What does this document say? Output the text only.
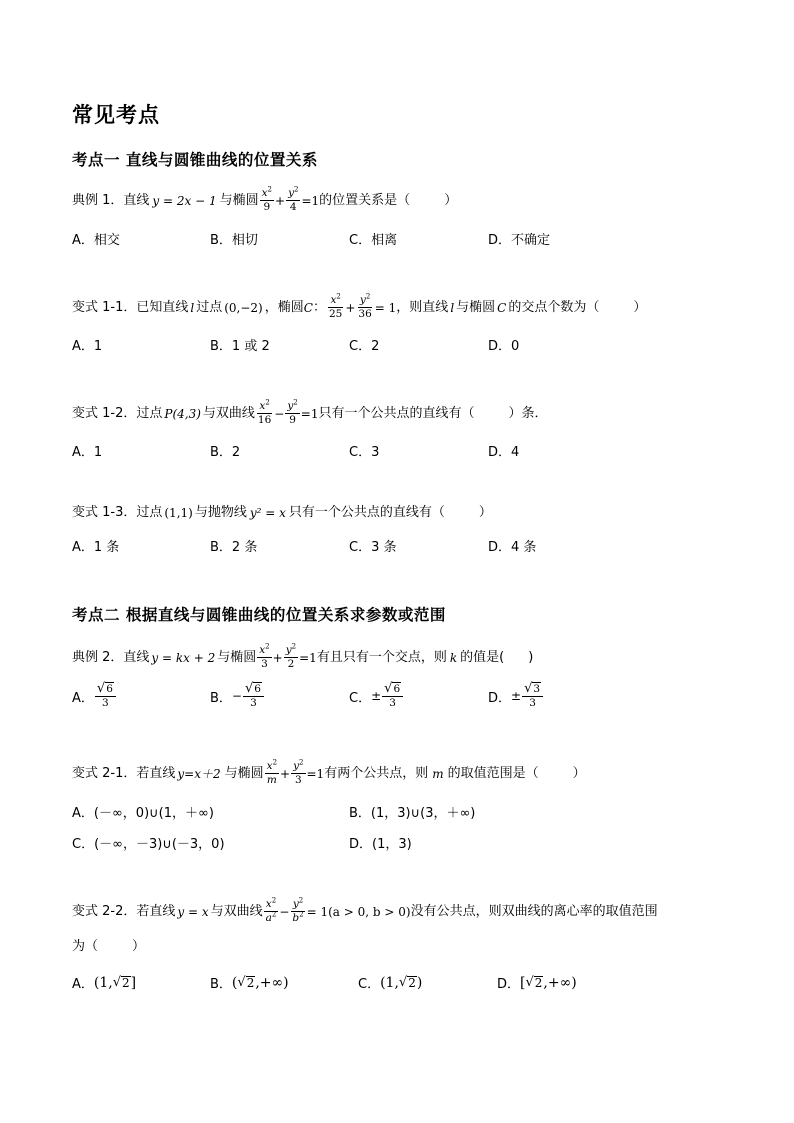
常见考点
考点一 直线与圆锥曲线的位置关系
典例 1．直线 y = 2x − 1 与椭圆 $\frac{x^2}{9} + \frac{y^2}{4} =1$ 的位置关系是（	）
A．相交	B．相切	C．相离	D．不确定
变式 1-1．已知直线 l 过点 (0,−2) ，椭圆 C ： $\frac{x^2}{25} + \frac{y^2}{36} = 1$ ，则直线 l 与椭圆 C 的交点个数为（	）
A．1	B．1 或 2	C．2	D．0
变式 1-2．过点 P(4,3) 与双曲线 $\frac{x^2}{16} - \frac{y^2}{9} =1$ 只有一个公共点的直线有（	）条．
A．1	B．2	C．3	D．4
变式 1-3．过点 (1,1) 与抛物线 y² = x 只有一个公共点的直线有（	）
A．1 条	B．2 条	C．3 条	D．4 条
考点二 根据直线与圆锥曲线的位置关系求参数或范围
典例 2．直线 y = kx + 2 与椭圆 $\frac{x^2}{3} + \frac{y^2}{2} =1$ 有且只有一个交点，则 k 的值是( )
A． $\frac{√ 6}{3}$	B． − $\frac{√ 6}{3}$	C． ± $\frac{√ 6}{3}$	D． ± $\frac{√ 3}{3}$
变式 2-1．若直线 y=x＋2 与椭圆 $\frac{x^2}{m} + \frac{y^2}{3} =1$ 有两个公共点，则 m 的取值范围是（	）
A．(－∞，0)∪(1，＋∞)	B．(1，3)∪(3，＋∞)
C．(－∞，－3)∪(－3，0)	D．(1，3)
变式 2-2．若直线 y = x 与双曲线 $\frac{x^2}{a^2} - \frac{y^2}{b^2} = 1(a > 0$, b > 0) 没有公共点，则双曲线的离心率的取值范围
为（	）
A． (1, √ 2 ]	B． ( √ 2 ,+∞)	C． (1, √ 2 )	D． [ √ 2 ,+∞)
